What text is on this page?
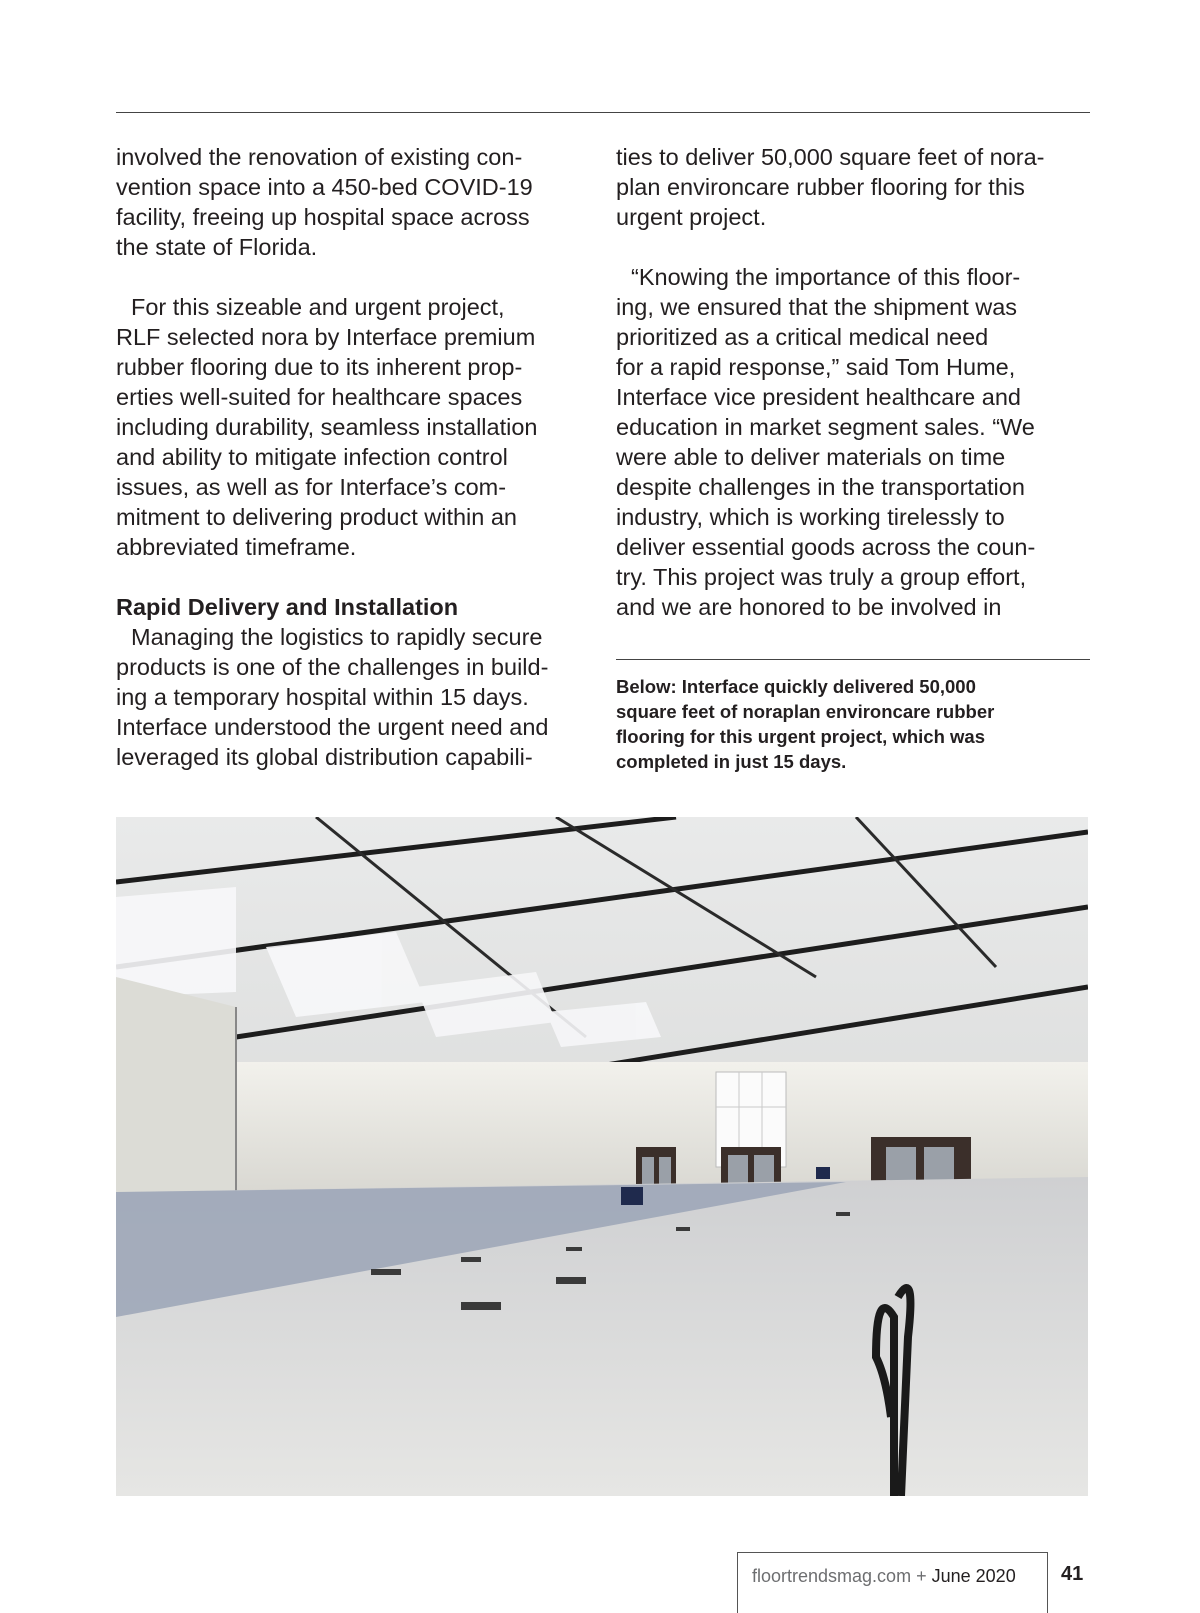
involved the renovation of existing con-
vention space into a 450-bed COVID-19
facility, freeing up hospital space across
the state of Florida.

For this sizeable and urgent project,
RLF selected nora by Interface premium
rubber flooring due to its inherent prop-
erties well-suited for healthcare spaces
including durability, seamless installation
and ability to mitigate infection control
issues, as well as for Interface’s com-
mitment to delivering product within an
abbreviated timeframe.

Rapid Delivery and Installation

Managing the logistics to rapidly secure
products is one of the challenges in build-
ing a temporary hospital within 15 days.
Interface understood the urgent need and
leveraged its global distribution capabili-

ties to deliver 50,000 square feet of nora-
plan environcare rubber flooring for this
urgent project.

“Knowing the importance of this floor-
ing, we ensured that the shipment was
prioritized as a critical medical need
for a rapid response,” said Tom Hume,
Interface vice president healthcare and
education in market segment sales. “We
were able to deliver materials on time
despite challenges in the transportation
industry, which is working tirelessly to
deliver essential goods across the coun-
try. This project was truly a group effort,
and we are honored to be involved in

Below: Interface quickly delivered 50,000
square feet of noraplan environcare rubber
flooring for this urgent project, which was
completed in just 15 days.
floortrendsmag.com + June 2020 41
